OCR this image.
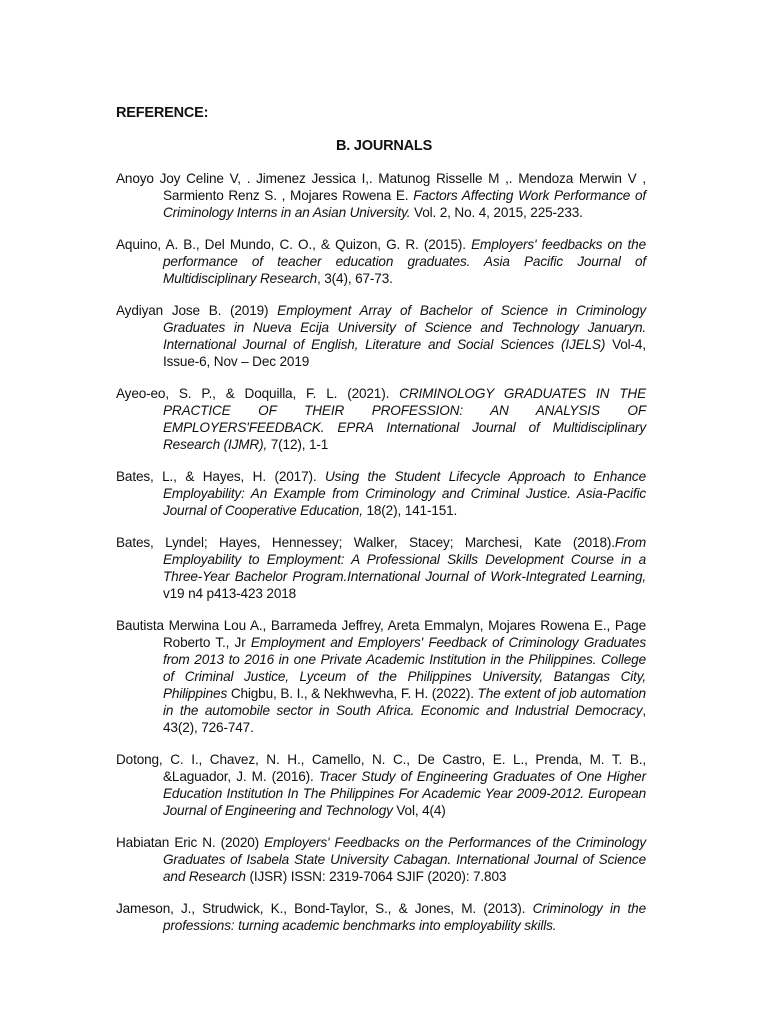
REFERENCE:
B. JOURNALS

Anoyo Joy Celine V, . Jimenez Jessica I,. Matunog Risselle M ,. Mendoza Merwin V , Sarmiento Renz S. , Mojares Rowena E. Factors Affecting Work Performance of Criminology Interns in an Asian University. Vol. 2, No. 4, 2015, 225-233.

Aquino, A. B., Del Mundo, C. O., & Quizon, G. R. (2015). Employers' feedbacks on the performance of teacher education graduates. Asia Pacific Journal of Multidisciplinary Research, 3(4), 67-73.

Aydiyan Jose B. (2019) Employment Array of Bachelor of Science in Criminology Graduates in Nueva Ecija University of Science and Technology Januaryn. International Journal of English, Literature and Social Sciences (IJELS) Vol-4, Issue-6, Nov – Dec 2019

Ayeo-eo, S. P., & Doquilla, F. L. (2021). CRIMINOLOGY GRADUATES IN THE PRACTICE OF THEIR PROFESSION: AN ANALYSIS OF EMPLOYERS'FEEDBACK. EPRA International Journal of Multidisciplinary Research (IJMR), 7(12), 1-1

Bates, L., & Hayes, H. (2017). Using the Student Lifecycle Approach to Enhance Employability: An Example from Criminology and Criminal Justice. Asia-Pacific Journal of Cooperative Education, 18(2), 141-151.

Bates, Lyndel; Hayes, Hennessey; Walker, Stacey; Marchesi, Kate (2018).From Employability to Employment: A Professional Skills Development Course in a Three-Year Bachelor Program.International Journal of Work-Integrated Learning, v19 n4 p413-423 2018

Bautista Merwina Lou A., Barrameda Jeffrey, Areta Emmalyn, Mojares Rowena E., Page Roberto T., Jr Employment and Employers' Feedback of Criminology Graduates from 2013 to 2016 in one Private Academic Institution in the Philippines. College of Criminal Justice, Lyceum of the Philippines University, Batangas City, Philippines Chigbu, B. I., & Nekhwevha, F. H. (2022). The extent of job automation in the automobile sector in South Africa. Economic and Industrial Democracy, 43(2), 726-747.

Dotong, C. I., Chavez, N. H., Camello, N. C., De Castro, E. L., Prenda, M. T. B., &Laguador, J. M. (2016). Tracer Study of Engineering Graduates of One Higher Education Institution In The Philippines For Academic Year 2009-2012. European Journal of Engineering and Technology Vol, 4(4)

Habiatan Eric N. (2020) Employers' Feedbacks on the Performances of the Criminology Graduates of Isabela State University Cabagan. International Journal of Science and Research (IJSR) ISSN: 2319-7064 SJIF (2020): 7.803

Jameson, J., Strudwick, K., Bond-Taylor, S., & Jones, M. (2013). Criminology in the professions: turning academic benchmarks into employability skills.
